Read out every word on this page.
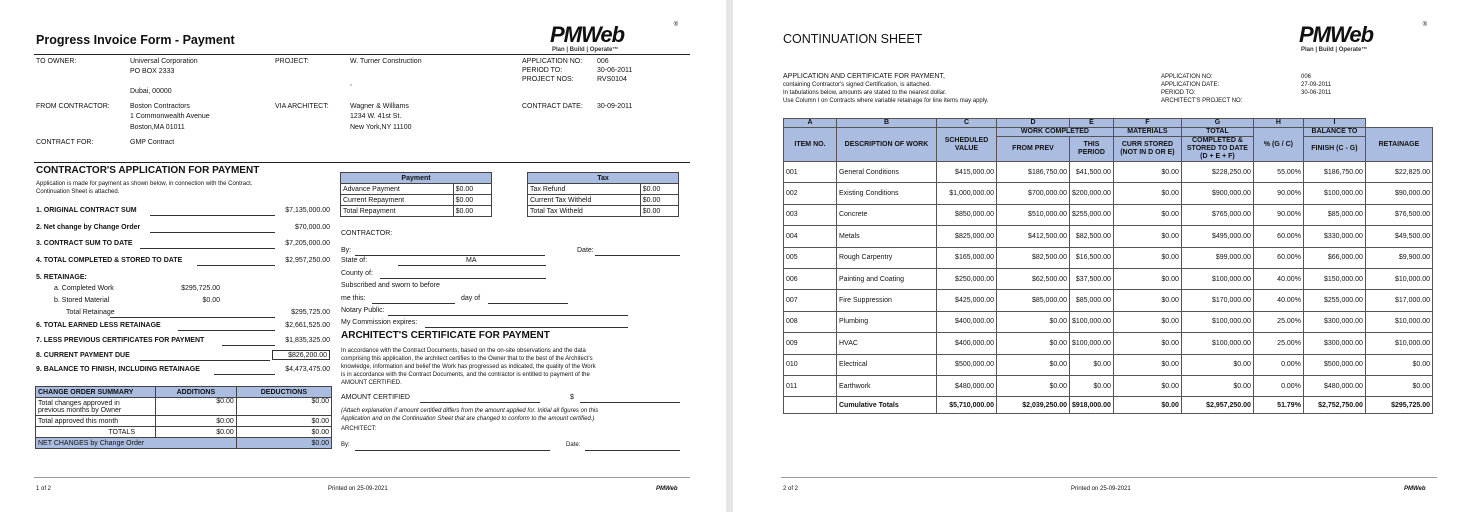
Progress Invoice Form - Payment	PMWeb
Plan | Build | Operate™
®
TO OWNER:	Universal Corporation
PO BOX 2333
Dubai, 00000
PROJECT:	W. Turner Construction
,
APPLICATION NO: 006
PERIOD TO:	30-06-2011
PROJECT NOS:	RVS0104
FROM CONTRACTOR:	Boston Contractors
1 Commonwealth Avenue
Boston,MA 01011
VIA ARCHITECT:	Wagner & Williams
1234 W. 41st St.
New York,NY 11100
CONTRACT DATE: 30-09-2011
CONTRACT FOR:	GMP Contract
CONTRACTOR'S APPLICATION FOR PAYMENT
Application is made for payment as shown below, in connection with the Contract.
Continuation Sheet is attached.
1. ORIGINAL CONTRACT SUM	$7,135,000.00
2. Net change by Change Order	$70,000.00
3. CONTRACT SUM TO DATE	$7,205,000.00
4. TOTAL COMPLETED & STORED TO DATE	$2,957,250.00
5. RETAINAGE:
a. Completed Work	$295,725.00
b. Stored Material	$0.00
Total Retainage	$295,725.00
6. TOTAL EARNED LESS RETAINAGE	$2,661,525.00
7. LESS PREVIOUS CERTIFICATES FOR PAYMENT	$1,835,325.00
8. CURRENT PAYMENT DUE	$826,200.00
9. BALANCE TO FINISH, INCLUDING RETAINAGE	$4,473,475.00
CHANGE ORDER SUMMARY	ADDITIONS	DEDUCTIONS
Total changes approved in
previous months by Owner	$0.00	$0.00
Total approved this month	$0.00	$0.00
TOTALS	$0.00	$0.00
NET CHANGES by Change Order		$0.00
Payment	
Advance Payment	$0.00
Current Repayment	$0.00
Total Repayment	$0.00
Tax	
Tax Refund	$0.00
Current Tax Witheld	$0.00
Total Tax Witheld	$0.00
CONTRACTOR:
By:	Date:
State of:	MA
County of:
Subscribed and sworn to before
me this:	day of
Notary Public:
My Commission expires:
ARCHITECT'S CERTIFICATE FOR PAYMENT
In accordance with the Contract Documents, based on the on-site observations and the data
comprising this application, the architect certifies to the Owner that to the best of the Architect's
knowledge, information and belief the Work has progressed as indicated, the quality of the Work
is in accordance with the Contract Documents, and the contractor is entitled to payment of the
AMOUNT CERTIFIED.
AMOUNT CERTIFIED	$
(Attach explanation if amount certified differs from the amount applied for. Initial all figures on this
Application and on the Continuation Sheet that are changed to conform to the amount certified.)
ARCHITECT:
By:	Date:
1 of 2	Printed on 25-09-2021	PMWeb
CONTINUATION SHEET	PMWeb
Plan | Build | Operate™
®
APPLICATION AND CERTIFICATE FOR PAYMENT,
containing Contractor's signed Certification, is attached.
In tabulations below, amounts are stated to the nearest dollar.
Use Column I on Contracts where variable retainage for line items may apply.
APPLICATION NO:	006
APPLICATION DATE:	27-09-2011
PERIOD TO:	30-06-2011
ARCHITECT'S PROJECT NO:
A	B	C	D	E	F	G	H	I	
ITEM NO.	DESCRIPTION OF WORK	SCHEDULED VALUE	WORK COMPLETED		MATERIALS	TOTAL	% (G / C)	BALANCE TO	RETAINAGE
			FROM PREV	THIS PERIOD	CURR STORED (NOT IN D OR E)	COMPLETED & STORED TO DATE (D + E + F)		FINISH (C - G)	
001	General Conditions	$415,000.00	$186,750.00	$41,500.00	$0.00	$228,250.00	55.00%	$186,750.00	$22,825.00
002	Existing Conditions	$1,000,000.00	$700,000.00	$200,000.00	$0.00	$900,000.00	90.00%	$100,000.00	$90,000.00
003	Concrete	$850,000.00	$510,000.00	$255,000.00	$0.00	$765,000.00	90.00%	$85,000.00	$76,500.00
004	Metals	$825,000.00	$412,500.00	$82,500.00	$0.00	$495,000.00	60.00%	$330,000.00	$49,500.00
005	Rough Carpentry	$165,000.00	$82,500.00	$16,500.00	$0.00	$99,000.00	60.00%	$66,000.00	$9,900.00
006	Painting and Coating	$250,000.00	$62,500.00	$37,500.00	$0.00	$100,000.00	40.00%	$150,000.00	$10,000.00
007	Fire Suppression	$425,000.00	$85,000.00	$85,000.00	$0.00	$170,000.00	40.00%	$255,000.00	$17,000.00
008	Plumbing	$400,000.00	$0.00	$100,000.00	$0.00	$100,000.00	25.00%	$300,000.00	$10,000.00
009	HVAC	$400,000.00	$0.00	$100,000.00	$0.00	$100,000.00	25.00%	$300,000.00	$10,000.00
010	Electrical	$500,000.00	$0.00	$0.00	$0.00	$0.00	0.00%	$500,000.00	$0.00
011	Earthwork	$480,000.00	$0.00	$0.00	$0.00	$0.00	0.00%	$480,000.00	$0.00
	Cumulative Totals	$5,710,000.00	$2,039,250.00	$918,000.00	$0.00	$2,957,250.00	51.79%	$2,752,750.00	$295,725.00
2 of 2	Printed on 25-09-2021	PMWeb
